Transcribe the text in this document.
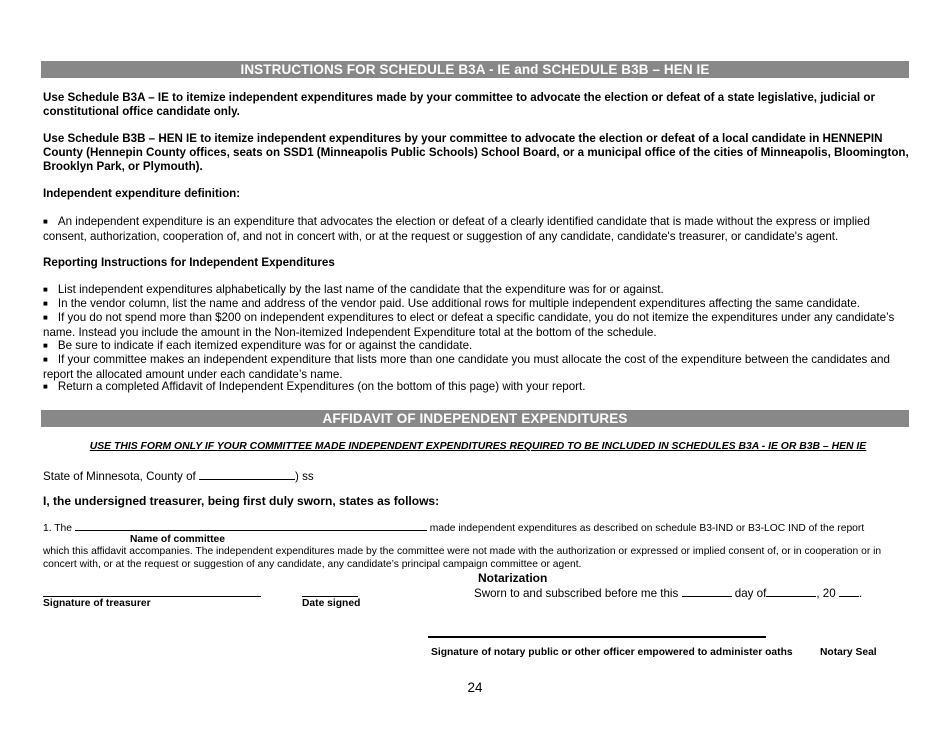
INSTRUCTIONS FOR SCHEDULE B3A - IE and SCHEDULE B3B – HEN IE
Use Schedule B3A – IE to itemize independent expenditures made by your committee to advocate the election or defeat of a state legislative, judicial or constitutional office candidate only.
Use Schedule B3B – HEN IE to itemize independent expenditures by your committee to advocate the election or defeat of a local candidate in HENNEPIN County (Hennepin County offices, seats on SSD1 (Minneapolis Public Schools) School Board, or a municipal office of the cities of Minneapolis, Bloomington, Brooklyn Park, or Plymouth).
Independent expenditure definition:
■ An independent expenditure is an expenditure that advocates the election or defeat of a clearly identified candidate that is made without the express or implied consent, authorization, cooperation of, and not in concert with, or at the request or suggestion of any candidate, candidate's treasurer, or candidate's agent.
Reporting Instructions for Independent Expenditures
■ List independent expenditures alphabetically by the last name of the candidate that the expenditure was for or against.
■ In the vendor column, list the name and address of the vendor paid. Use additional rows for multiple independent expenditures affecting the same candidate.
■ If you do not spend more than $200 on independent expenditures to elect or defeat a specific candidate, you do not itemize the expenditures under any candidate’s name. Instead you include the amount in the Non-itemized Independent Expenditure total at the bottom of the schedule.
■ Be sure to indicate if each itemized expenditure was for or against the candidate.
■ If your committee makes an independent expenditure that lists more than one candidate you must allocate the cost of the expenditure between the candidates and report the allocated amount under each candidate’s name.
■ Return a completed Affidavit of Independent Expenditures (on the bottom of this page) with your report.
AFFIDAVIT OF INDEPENDENT EXPENDITURES
USE THIS FORM ONLY IF YOUR COMMITTEE MADE INDEPENDENT EXPENDITURES REQUIRED TO BE INCLUDED IN SCHEDULES B3A - IE OR B3B – HEN IE
State of Minnesota, County of	) ss
I, the undersigned treasurer, being first duly sworn, states as follows:
1. The	made independent expenditures as described on schedule B3-IND or B3-LOC IND of the report
Name of committee
which this affidavit accompanies. The independent expenditures made by the committee were not made with the authorization or expressed or implied consent of, or in cooperation or in concert with, or at the request or suggestion of any candidate, any candidate’s principal campaign committee or agent.
Notarization
Sworn to and subscribed before me this	day of	, 20 .
Signature of treasurer	Date signed
Signature of notary public or other officer empowered to administer oaths	Notary Seal
24
